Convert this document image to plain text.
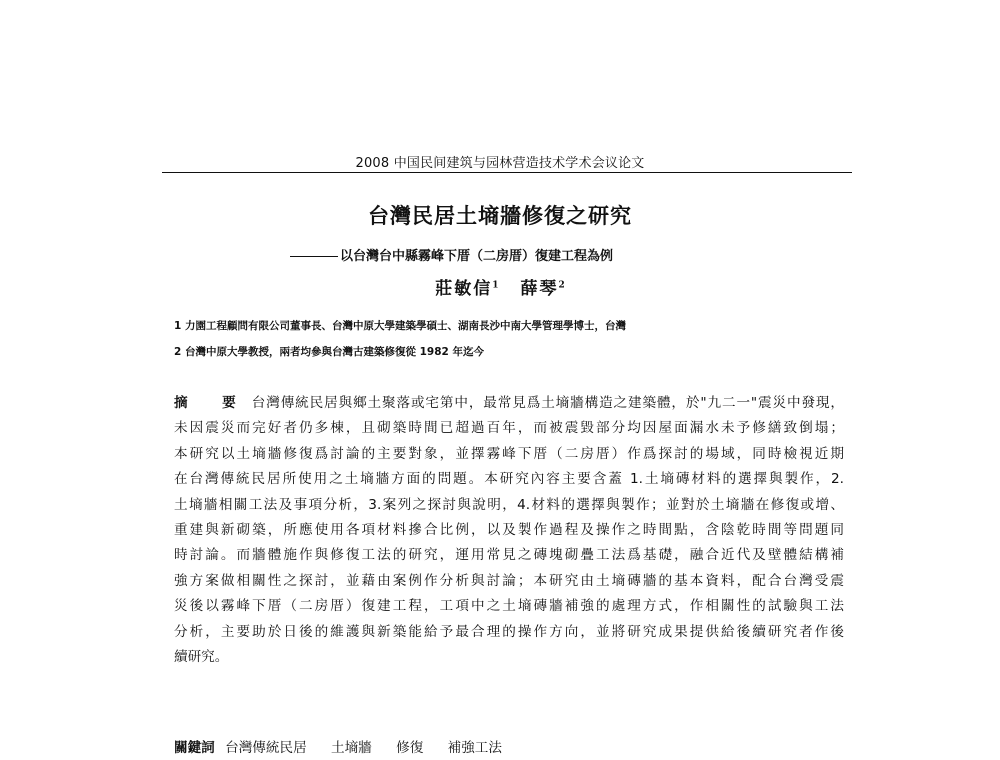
2008 中国民间建筑与园林营造技术学术会议论文
台灣民居土墒牆修復之研究
以台灣台中縣霧峰下厝（二房厝）復建工程為例
莊敏信$^1$ 薛琴$^2$
1 力園工程顧問有限公司董事長、台灣中原大學建築學碩士、湖南長沙中南大學管理學博士，台灣
2 台灣中原大學教授，兩者均參與台灣古建築修復從 1982 年迄今
摘 要 台灣傳統民居與鄉土聚落或宅第中，最常見爲土墒牆構造之建築體，於"九二一"震災中發現，
未因震災而完好者仍多棟，且砌築時間已超過百年，而被震毀部分均因屋面漏水未予修繕致倒塌；
本研究以土墒牆修復爲討論的主要對象，並擇霧峰下厝（二房厝）作爲探討的場域，同時檢視近期
在台灣傳統民居所使用之土墒牆方面的問題。本研究內容主要含蓋 1.土墒磚材料的選擇與製作，2.
土墒牆相關工法及事項分析，3.案列之探討與說明，4.材料的選擇與製作；並對於土墒牆在修復或增、
重建與新砌築，所應使用各項材料摻合比例，以及製作過程及操作之時間點，含陰乾時間等問題同
時討論。而牆體施作與修復工法的研究，運用常見之磚塊砌疊工法爲基礎，融合近代及壁體結構補
強方案做相關性之探討，並藉由案例作分析與討論；本研究由土墒磚牆的基本資料，配合台灣受震
災後以霧峰下厝（二房厝）復建工程，工項中之土墒磚牆補強的處理方式，作相關性的試驗與工法
分析，主要助於日後的維護與新築能給予最合理的操作方向，並將研究成果提供給後續研究者作後
續研究。
關鍵詞 台灣傳統民居 土墒牆 修復 補強工法
